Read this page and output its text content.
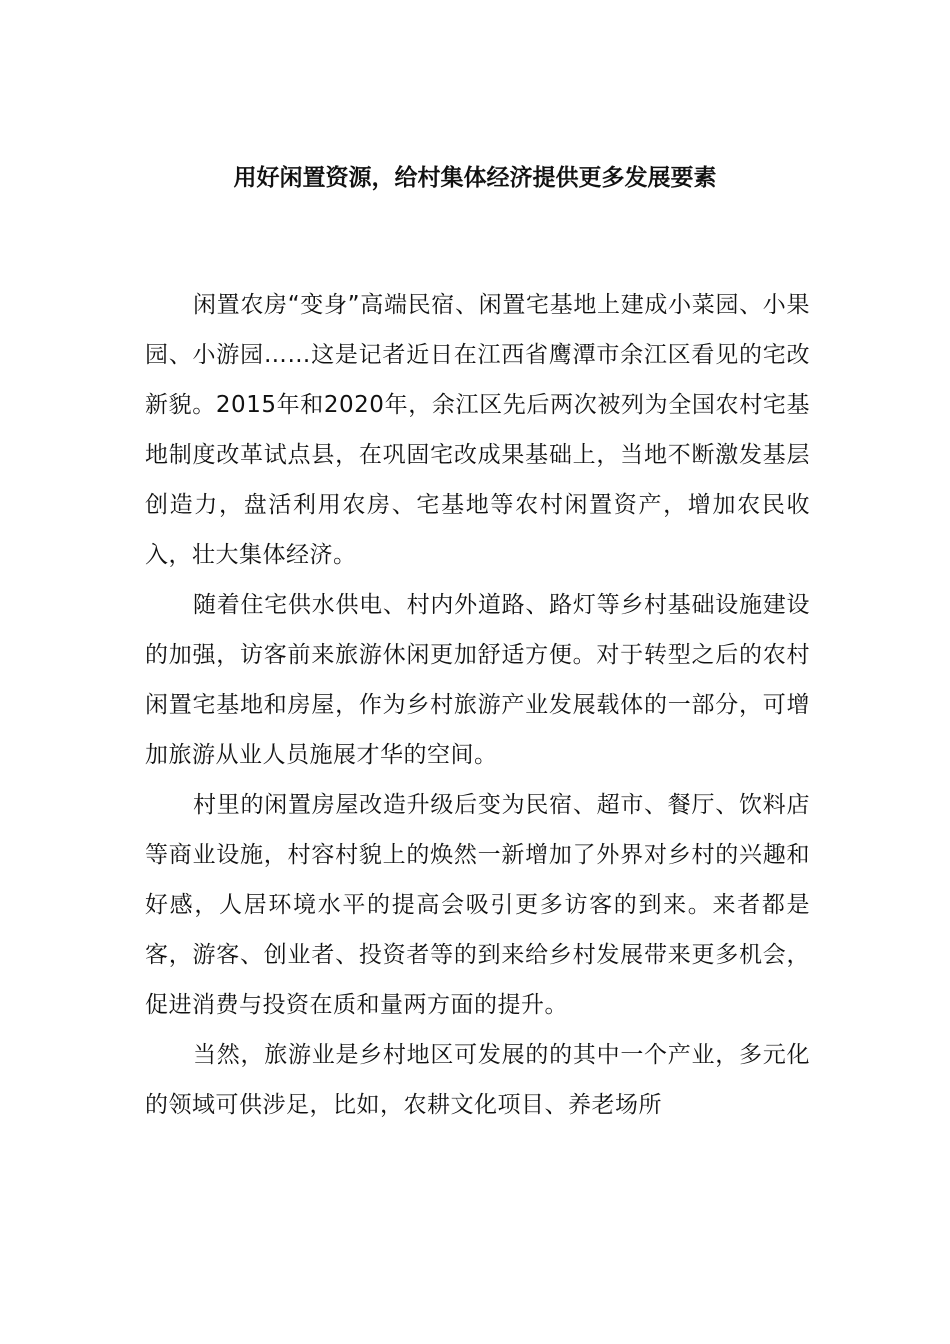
用好闲置资源，给村集体经济提供更多发展要素

闲置农房“变身”高端民宿、闲置宅基地上建成小菜园、小果园、小游园……这是记者近日在江西省鹰潭市余江区看见的宅改新貌。2015年和2020年，余江区先后两次被列为全国农村宅基地制度改革试点县，在巩固宅改成果基础上，当地不断激发基层创造力，盘活利用农房、宅基地等农村闲置资产，增加农民收入，壮大集体经济。

随着住宅供水供电、村内外道路、路灯等乡村基础设施建设的加强，访客前来旅游休闲更加舒适方便。对于转型之后的农村闲置宅基地和房屋，作为乡村旅游产业发展载体的一部分，可增加旅游从业人员施展才华的空间。

村里的闲置房屋改造升级后变为民宿、超市、餐厅、饮料店等商业设施，村容村貌上的焕然一新增加了外界对乡村的兴趣和好感，人居环境水平的提高会吸引更多访客的到来。来者都是客，游客、创业者、投资者等的到来给乡村发展带来更多机会，促进消费与投资在质和量两方面的提升。

当然，旅游业是乡村地区可发展的的其中一个产业，多元化的领域可供涉足，比如，农耕文化项目、养老场所
